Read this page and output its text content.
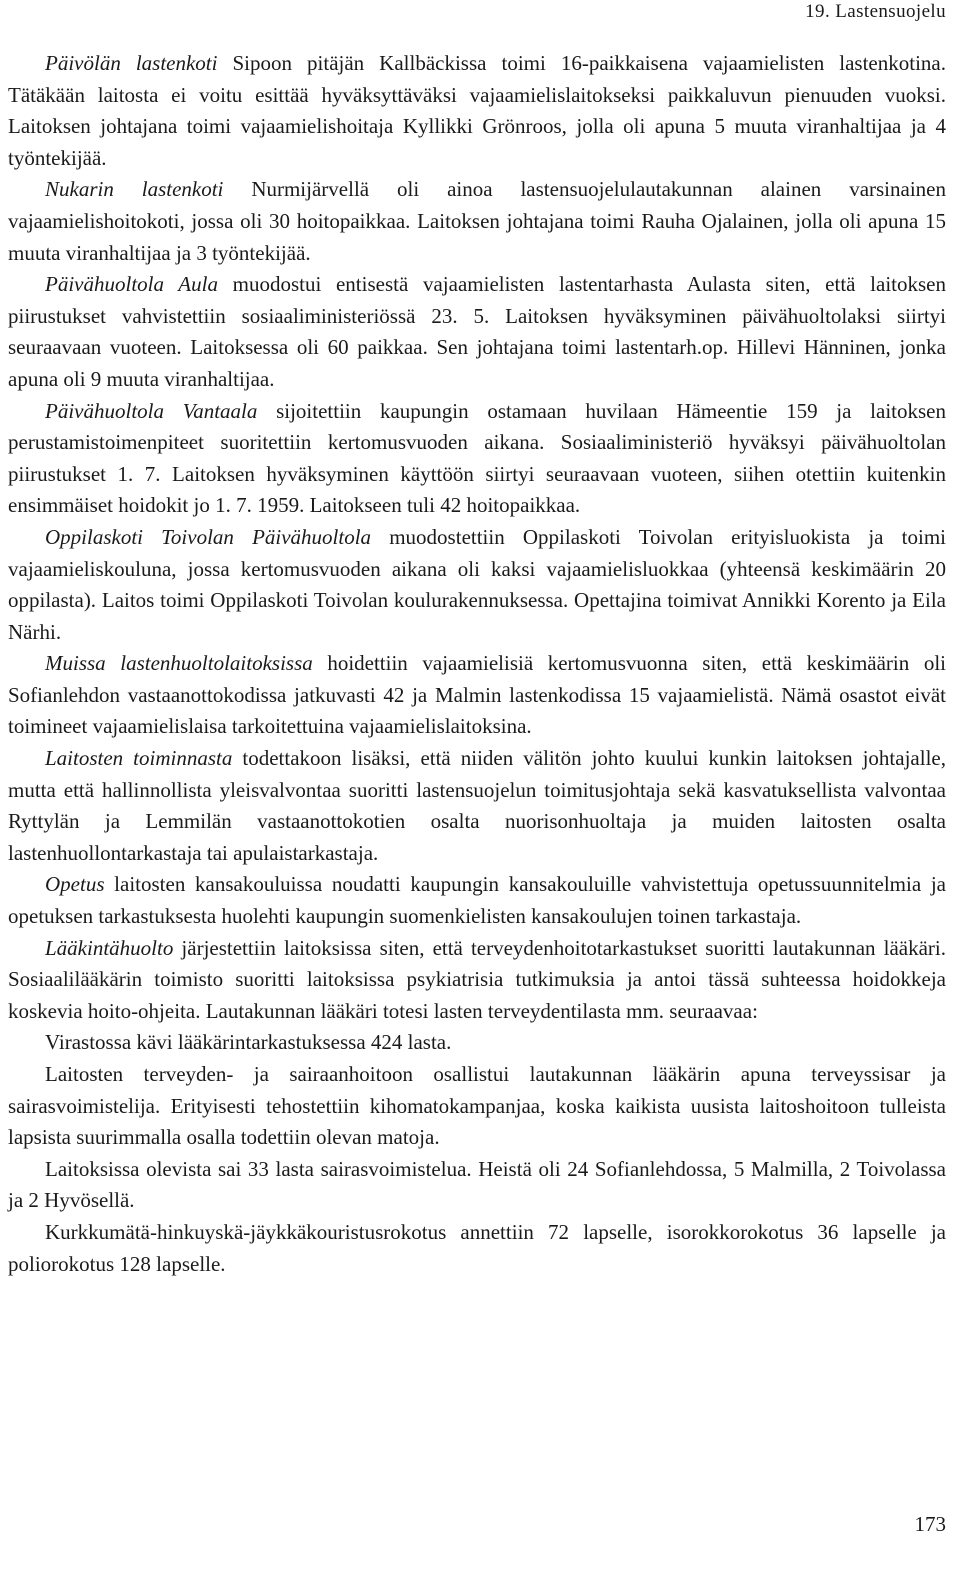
19. Lastensuojelu

Päivölän lastenkoti Sipoon pitäjän Kallbäckissa toimi 16-paikkaisena vajaamielisten lastenkotina. Tätäkään laitosta ei voitu esittää hyväksyttäväksi vajaamielislaitokseksi paikkaluvun pienuuden vuoksi. Laitoksen johtajana toimi vajaamielishoitaja Kyllikki Grönroos, jolla oli apuna 5 muuta viranhaltijaa ja 4 työntekijää.

Nukarin lastenkoti Nurmijärvellä oli ainoa lastensuojelulautakunnan alainen varsinainen vajaamielishoitokoti, jossa oli 30 hoitopaikkaa. Laitoksen johtajana toimi Rauha Ojalainen, jolla oli apuna 15 muuta viranhaltijaa ja 3 työntekijää.

Päivähuoltola Aula muodostui entisestä vajaamielisten lastentarhasta Aulasta siten, että laitoksen piirustukset vahvistettiin sosiaaliministeriössä 23. 5. Laitoksen hyväksyminen päivähuoltolaksi siirtyi seuraavaan vuoteen. Laitoksessa oli 60 paikkaa. Sen johtajana toimi lastentarh.op. Hillevi Hänninen, jonka apuna oli 9 muuta viranhaltijaa.

Päivähuoltola Vantaala sijoitettiin kaupungin ostamaan huvilaan Hämeentie 159 ja laitoksen perustamistoimenpiteet suoritettiin kertomusvuoden aikana. Sosiaaliministeriö hyväksyi päivähuoltolan piirustukset 1. 7. Laitoksen hyväksyminen käyttöön siirtyi seuraavaan vuoteen, siihen otettiin kuitenkin ensimmäiset hoidokit jo 1. 7. 1959. Laitokseen tuli 42 hoitopaikkaa.

Oppilaskoti Toivolan Päivähuoltola muodostettiin Oppilaskoti Toivolan erityisluokista ja toimi vajaamieliskouluna, jossa kertomusvuoden aikana oli kaksi vajaamielisluokkaa (yhteensä keskimäärin 20 oppilasta). Laitos toimi Oppilaskoti Toivolan koulurakennuksessa. Opettajina toimivat Annikki Korento ja Eila Närhi.

Muissa lastenhuoltolaitoksissa hoidettiin vajaamielisiä kertomusvuonna siten, että keskimäärin oli Sofianlehdon vastaanottokodissa jatkuvasti 42 ja Malmin lastenkodissa 15 vajaamielistä. Nämä osastot eivät toimineet vajaamielislaisa tarkoitettuina vajaamielislaitoksina.

Laitosten toiminnasta todettakoon lisäksi, että niiden välitön johto kuului kunkin laitoksen johtajalle, mutta että hallinnollista yleisvalvontaa suoritti lastensuojelun toimitusjohtaja sekä kasvatuksellista valvontaa Ryttylän ja Lemmilän vastaanottokotien osalta nuorisonhuoltaja ja muiden laitosten osalta lastenhuollontarkastaja tai apulaistarkastaja.

Opetus laitosten kansakouluissa noudatti kaupungin kansakouluille vahvistettuja opetussuunnitelmia ja opetuksen tarkastuksesta huolehti kaupungin suomenkielisten kansakoulujen toinen tarkastaja.

Lääkintähuolto järjestettiin laitoksissa siten, että terveydenhoitotarkastukset suoritti lautakunnan lääkäri. Sosiaalilääkärin toimisto suoritti laitoksissa psykiatrisia tutkimuksia ja antoi tässä suhteessa hoidokkeja koskevia hoito-ohjeita. Lautakunnan lääkäri totesi lasten terveydentilasta mm. seuraavaa:

Virastossa kävi lääkärintarkastuksessa 424 lasta.

Laitosten terveyden- ja sairaanhoitoon osallistui lautakunnan lääkärin apuna terveyssisar ja sairasvoimistelija. Erityisesti tehostettiin kihomatokampanjaa, koska kaikista uusista laitoshoitoon tulleista lapsista suurimmalla osalla todettiin olevan matoja.

Laitoksissa olevista sai 33 lasta sairasvoimistelua. Heistä oli 24 Sofianlehdossa, 5 Malmilla, 2 Toivolassa ja 2 Hyvösellä.

Kurkkumätä-hinkuyskä-jäykkäkouristusrokotus annettiin 72 lapselle, isorokkorokotus 36 lapselle ja poliorokotus 128 lapselle.

173
